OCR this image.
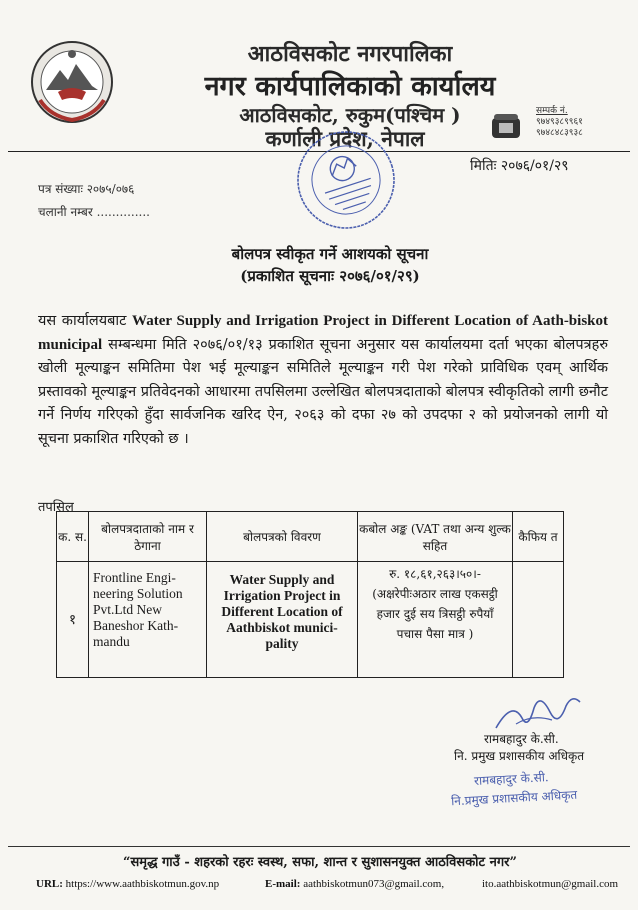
आठविसकोट नगरपालिका
नगर कार्यपालिकाको कार्यालय
आठविसकोट, रुकुम(पश्चिम )
कर्णाली प्रदेश, नेपाल
सम्पर्क नं.
९७४९३८९९६१
९७४८४८३९३८
मितिः २०७६/०१/२९
पत्र संख्याः २०७५/०७६
चलानी नम्बर ..............
बोलपत्र स्वीकृत गर्ने आशयको सूचना
(प्रकाशित सूचनाः २०७६/०१/२९)
यस कार्यालयबाट Water Supply and Irrigation Project in Different Location of Aath-biskot municipal सम्बन्धमा मिति २०७६/०१/१३ प्रकाशित सूचना अनुसार यस कार्यालयमा दर्ता भएका बोलपत्रहरु खोली मूल्याङ्कन समितिमा पेश भई मूल्याङ्कन समितिले मूल्याङ्कन गरी पेश गरेको प्राविधिक एवम् आर्थिक प्रस्तावको मूल्याङ्कन प्रतिवेदनको आधारमा तपसिलमा उल्लेखित बोलपत्रदाताको बोलपत्र स्वीकृतिको लागी छनौट गर्ने निर्णय गरिएको हुँदा सार्वजनिक खरिद ऐन, २०६३ को दफा २७ को उपदफा २ को प्रयोजनको लागी यो सूचना प्रकाशित गरिएको छ ।
तपसिल
क. स.	बोलपत्रदाताको नाम र ठेगाना	बोलपत्रको विवरण	कबोल अङ्क (VAT तथा अन्य शुल्क सहित	कैफिय त
१	Frontline Engi-neering Solution Pvt.Ltd New Baneshor Kath-mandu	Water Supply and Irrigation Project in Different Location of Aathbiskot munici-pality	रु. १८,६१,२६३।५०।- (अक्षरेपीःअठार लाख एकसट्ठी हजार दुई सय त्रिसट्ठी रुपैयाँ पचास पैसा मात्र )	
रामबहादुर के.सी.
नि. प्रमुख प्रशासकीय अधिकृत
रामबहादुर के.सी.
नि.प्रमुख प्रशासकीय अधिकृत
“समृद्ध गाउँ - शहरको रहरः स्वस्थ, सफा, शान्त र सुशासनयुक्त आठविसकोट नगर”
URL: https://www.aathbiskotmun.gov.np	E-mail: aathbiskotmun073@gmail.com,	ito.aathbiskotmun@gmail.com
